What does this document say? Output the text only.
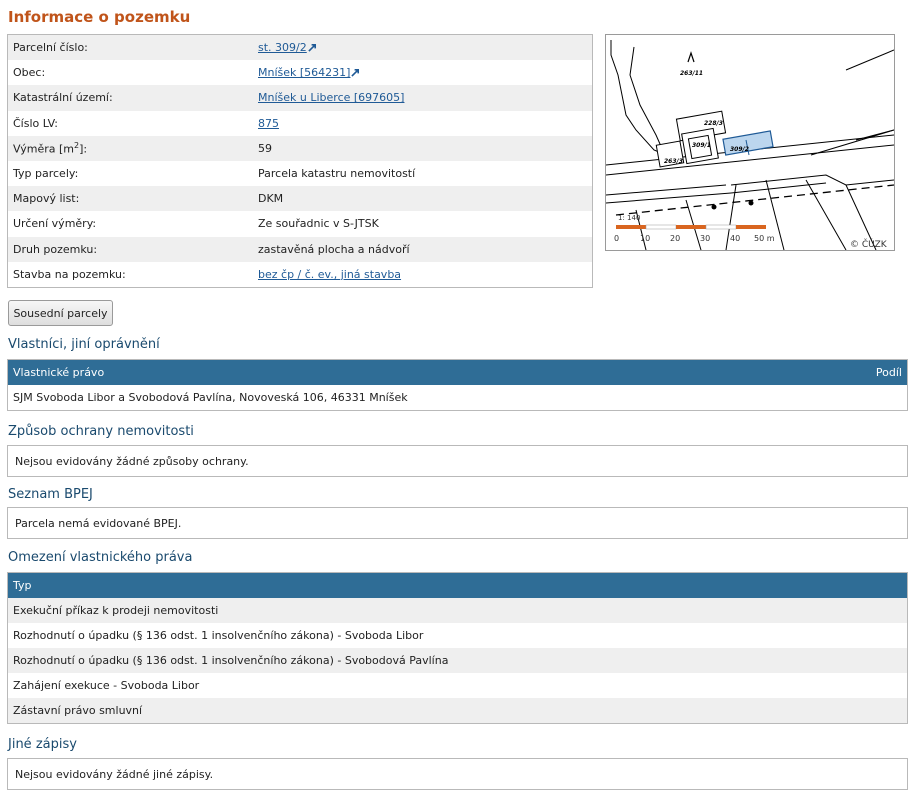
Informace o pozemku
Parcelní číslo:	st. 309/2
Obec:	Mníšek [564231]
Katastrální území:	Mníšek u Liberce [697605]
Číslo LV:	875
Výměra $[m^2]$:	59
Typ parcely:	Parcela katastru nemovitostí
Mapový list:	DKM
Určení výměry:	Ze souřadnic v S-JTSK
Druh pozemku:	zastavěná plocha a nádvoří
Stavba na pozemku:	bez čp / č. ev., jiná stavba
263/11
228/3
309/1
309/2
263/3
1: 140
0	10 20 30 40 50 m
© ČÚZK
Sousední parcely
Vlastníci, jiní oprávnění
Vlastnické právo	Podíl
SJM Svoboda Libor a Svobodová Pavlína, Novoveská 106, 46331 Mníšek
Způsob ochrany nemovitosti
Nejsou evidovány žádné způsoby ochrany.
Seznam BPEJ
Parcela nemá evidované BPEJ.
Omezení vlastnického práva
Typ
Exekuční příkaz k prodeji nemovitosti
Rozhodnutí o úpadku (§ 136 odst. 1 insolvenčního zákona) - Svoboda Libor
Rozhodnutí o úpadku (§ 136 odst. 1 insolvenčního zákona) - Svobodová Pavlína
Zahájení exekuce - Svoboda Libor
Zástavní právo smluvní
Jiné zápisy
Nejsou evidovány žádné jiné zápisy.
